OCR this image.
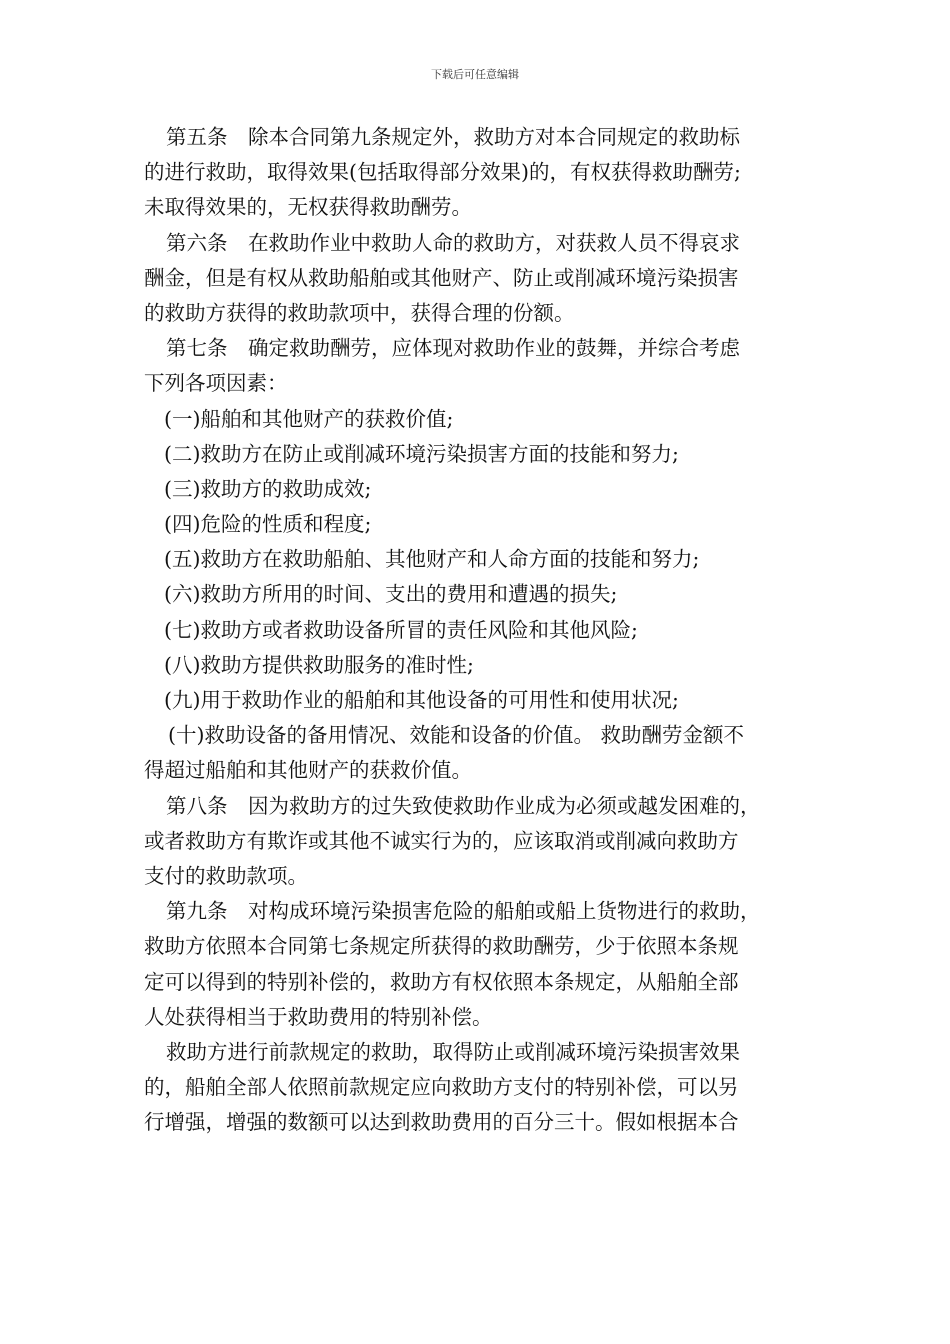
下载后可任意编辑
第五条　除本合同第九条规定外，救助方对本合同规定的救助标
的进行救助，取得效果(包括取得部分效果)的，有权获得救助酬劳;
未取得效果的，无权获得救助酬劳。
第六条　在救助作业中救助人命的救助方，对获救人员不得哀求
酬金，但是有权从救助船舶或其他财产、防止或削减环境污染损害
的救助方获得的救助款项中，获得合理的份额。
第七条　确定救助酬劳，应体现对救助作业的鼓舞，并综合考虑
下列各项因素：
(一)船舶和其他财产的获救价值;
(二)救助方在防止或削减环境污染损害方面的技能和努力;
(三)救助方的救助成效;
(四)危险的性质和程度;
(五)救助方在救助船舶、其他财产和人命方面的技能和努力;
(六)救助方所用的时间、支出的费用和遭遇的损失;
(七)救助方或者救助设备所冒的责任风险和其他风险;
(八)救助方提供救助服务的准时性;
(九)用于救助作业的船舶和其他设备的可用性和使用状况;
(十)救助设备的备用情况、效能和设备的价值。 救助酬劳金额不
得超过船舶和其他财产的获救价值。
第八条　因为救助方的过失致使救助作业成为必须或越发困难的，
或者救助方有欺诈或其他不诚实行为的，应该取消或削减向救助方
支付的救助款项。
第九条　对构成环境污染损害危险的船舶或船上货物进行的救助，
救助方依照本合同第七条规定所获得的救助酬劳，少于依照本条规
定可以得到的特别补偿的，救助方有权依照本条规定，从船舶全部
人处获得相当于救助费用的特别补偿。
救助方进行前款规定的救助，取得防止或削减环境污染损害效果
的，船舶全部人依照前款规定应向救助方支付的特别补偿，可以另
行增强，增强的数额可以达到救助费用的百分三十。假如根据本合
